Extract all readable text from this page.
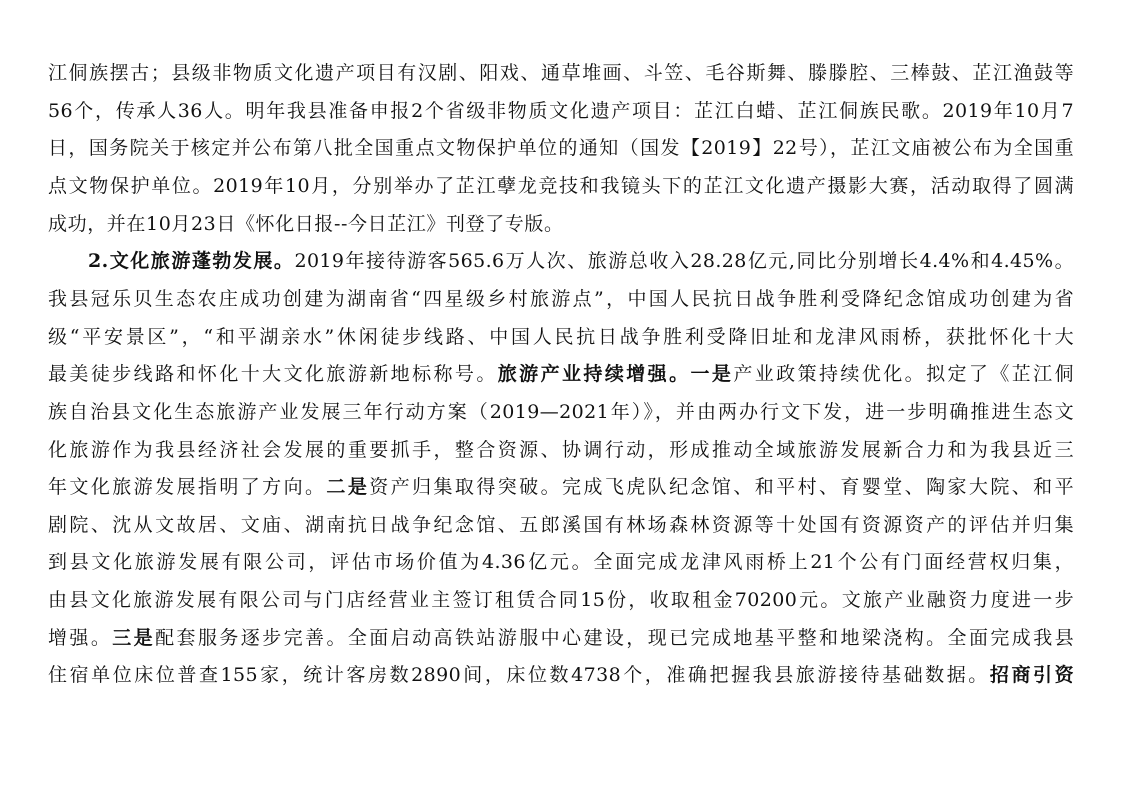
江侗族摆古；县级非物质文化遗产项目有汉剧、阳戏、通草堆画、斗笠、毛谷斯舞、滕滕腔、三棒鼓、芷江渔鼓等
56个，传承人36人。明年我县准备申报2个省级非物质文化遗产项目：芷江白蜡、芷江侗族民歌。2019年10月7
日，国务院关于核定并公布第八批全国重点文物保护单位的通知（国发【2019】22号），芷江文庙被公布为全国重
点文物保护单位。2019年10月，分别举办了芷江孽龙竞技和我镜头下的芷江文化遗产摄影大赛，活动取得了圆满
成功，并在10月23日《怀化日报--今日芷江》刊登了专版。
2.文化旅游蓬勃发展。2019年接待游客565.6万人次、旅游总收入28.28亿元,同比分别增长4.4%和4.45%。
我县冠乐贝生态农庄成功创建为湖南省“四星级乡村旅游点”，中国人民抗日战争胜利受降纪念馆成功创建为省
级“平安景区”，“和平湖亲水”休闲徒步线路、中国人民抗日战争胜利受降旧址和龙津风雨桥，获批怀化十大
最美徒步线路和怀化十大文化旅游新地标称号。旅游产业持续增强。一是产业政策持续优化。拟定了《芷江侗
族自治县文化生态旅游产业发展三年行动方案（2019—2021年）》，并由两办行文下发，进一步明确推进生态文
化旅游作为我县经济社会发展的重要抓手，整合资源、协调行动，形成推动全域旅游发展新合力和为我县近三
年文化旅游发展指明了方向。二是资产归集取得突破。完成飞虎队纪念馆、和平村、育婴堂、陶家大院、和平
剧院、沈从文故居、文庙、湖南抗日战争纪念馆、五郎溪国有林场森林资源等十处国有资源资产的评估并归集
到县文化旅游发展有限公司，评估市场价值为4.36亿元。全面完成龙津风雨桥上21个公有门面经营权归集，
由县文化旅游发展有限公司与门店经营业主签订租赁合同15份，收取租金70200元。文旅产业融资力度进一步
增强。三是配套服务逐步完善。全面启动高铁站游服中心建设，现已完成地基平整和地梁浇构。全面完成我县
住宿单位床位普查155家，统计客房数2890间，床位数4738个，准确把握我县旅游接待基础数据。招商引资
